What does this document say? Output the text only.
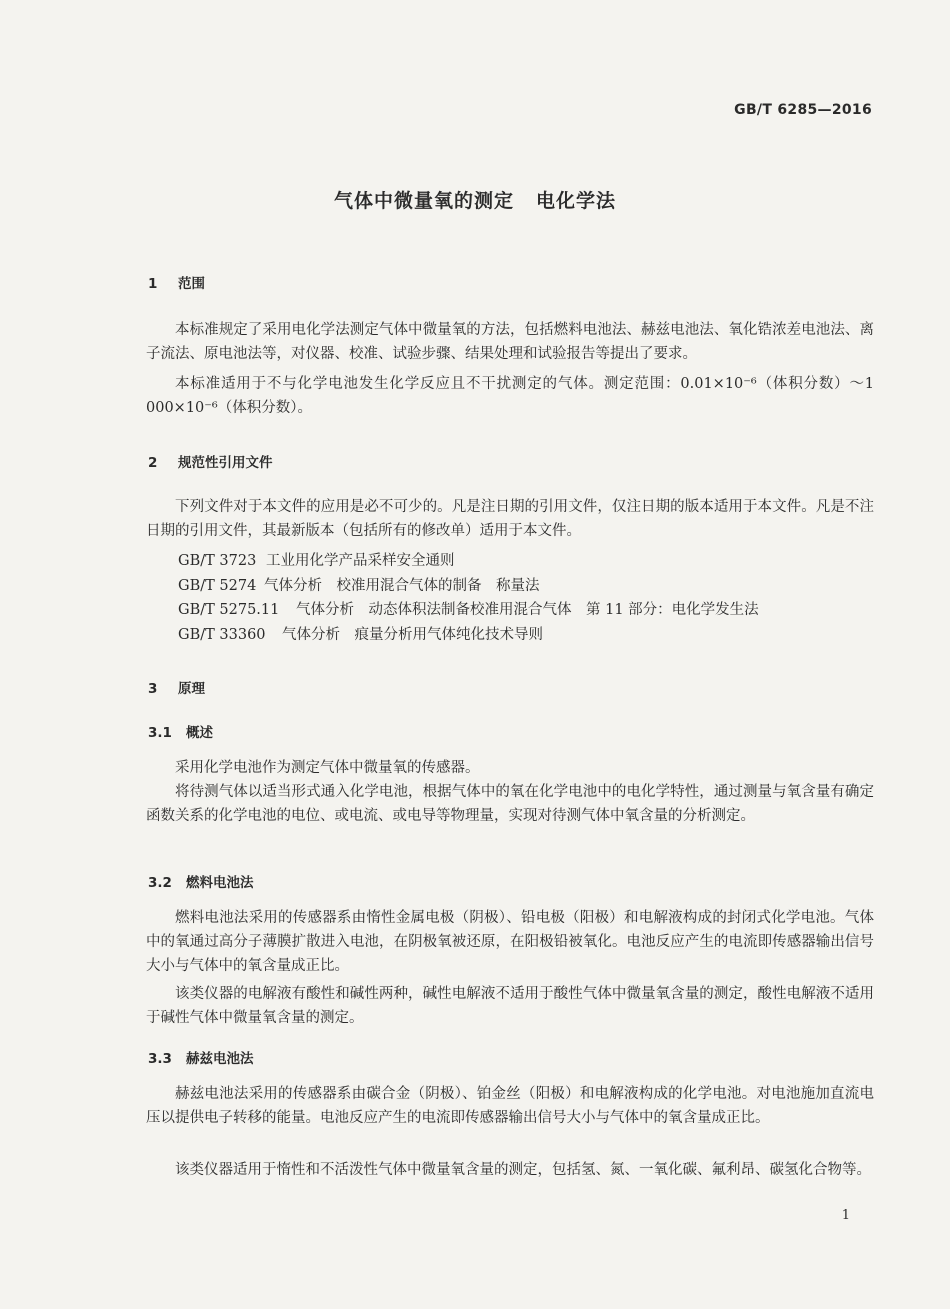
GB/T 6285—2016
气体中微量氧的测定 电化学法
1 范围

本标准规定了采用电化学法测定气体中微量氧的方法，包括燃料电池法、赫兹电池法、氧化锆浓差电池法、离子流法、原电池法等，对仪器、校准、试验步骤、结果处理和试验报告等提出了要求。

本标准适用于不与化学电池发生化学反应且不干扰测定的气体。测定范围：0.01×10⁻⁶（体积分数）～1 000×10⁻⁶（体积分数）。

2 规范性引用文件

下列文件对于本文件的应用是必不可少的。凡是注日期的引用文件，仅注日期的版本适用于本文件。凡是不注日期的引用文件，其最新版本（包括所有的修改单）适用于本文件。

GB/T 3723 工业用化学产品采样安全通则
GB/T 5274 气体分析　校准用混合气体的制备　称量法
GB/T 5275.11 气体分析　动态体积法制备校准用混合气体　第 11 部分：电化学发生法
GB/T 33360 气体分析　痕量分析用气体纯化技术导则
3 原理
3.1 概述

采用化学电池作为测定气体中微量氧的传感器。

将待测气体以适当形式通入化学电池，根据气体中的氧在化学电池中的电化学特性，通过测量与氧含量有确定函数关系的化学电池的电位、或电流、或电导等物理量，实现对待测气体中氧含量的分析测定。

3.2 燃料电池法

燃料电池法采用的传感器系由惰性金属电极（阴极）、铅电极（阳极）和电解液构成的封闭式化学电池。气体中的氧通过高分子薄膜扩散进入电池，在阴极氧被还原，在阳极铅被氧化。电池反应产生的电流即传感器输出信号大小与气体中的氧含量成正比。

该类仪器的电解液有酸性和碱性两种，碱性电解液不适用于酸性气体中微量氧含量的测定，酸性电解液不适用于碱性气体中微量氧含量的测定。

3.3 赫兹电池法

赫兹电池法采用的传感器系由碳合金（阴极）、铂金丝（阳极）和电解液构成的化学电池。对电池施加直流电压以提供电子转移的能量。电池反应产生的电流即传感器输出信号大小与气体中的氧含量成正比。

该类仪器适用于惰性和不活泼性气体中微量氧含量的测定，包括氢、氮、一氧化碳、氟利昂、碳氢化合物等。

1
